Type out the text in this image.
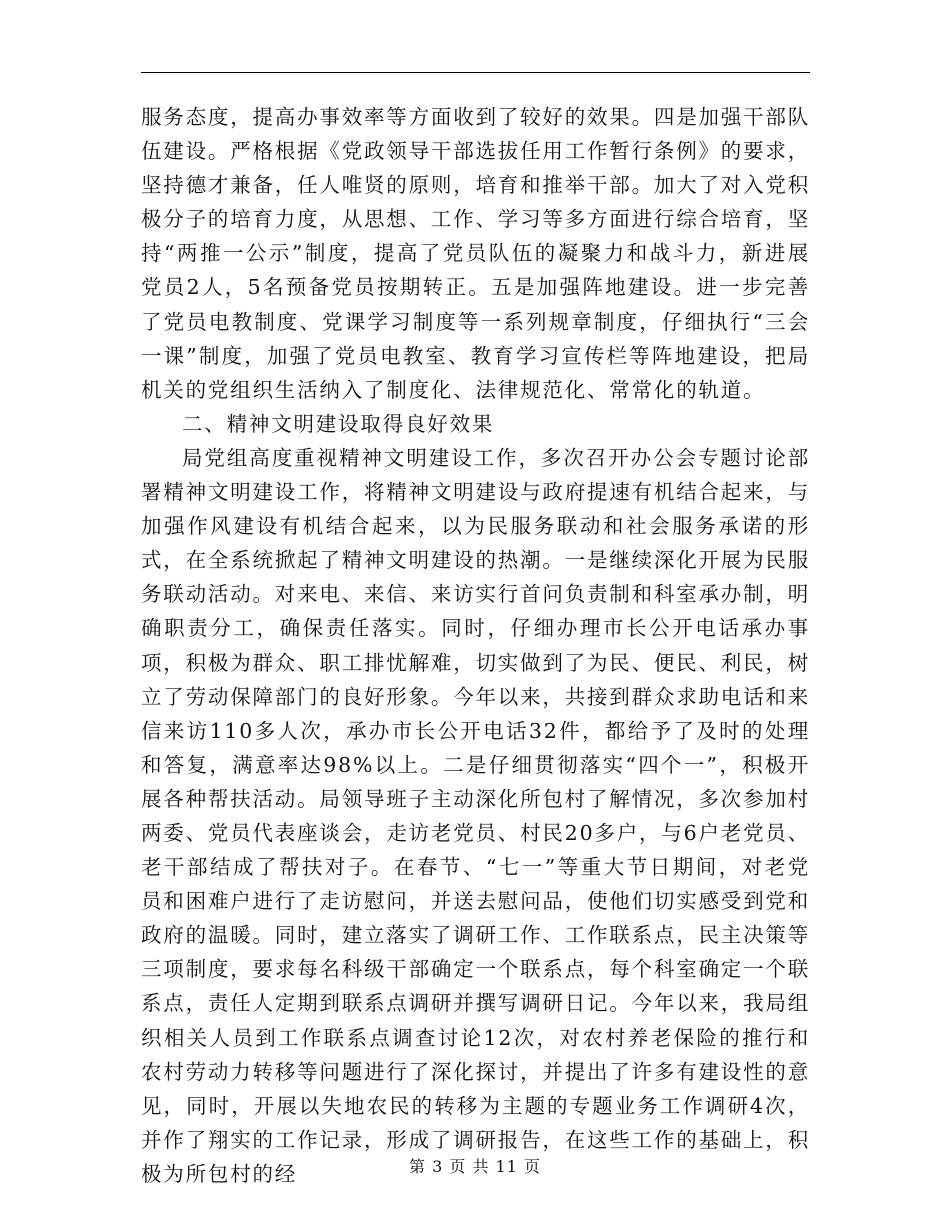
服务态度，提高办事效率等方面收到了较好的效果。四是加强干部队伍建设。严格根据《党政领导干部选拔任用工作暂行条例》的要求，坚持德才兼备，任人唯贤的原则，培育和推举干部。加大了对入党积极分子的培育力度，从思想、工作、学习等多方面进行综合培育，坚持“两推一公示”制度，提高了党员队伍的凝聚力和战斗力，新进展党员2人，5名预备党员按期转正。五是加强阵地建设。进一步完善了党员电教制度、党课学习制度等一系列规章制度，仔细执行“三会一课”制度，加强了党员电教室、教育学习宣传栏等阵地建设，把局机关的党组织生活纳入了制度化、法律规范化、常常化的轨道。

二、精神文明建设取得良好效果

局党组高度重视精神文明建设工作，多次召开办公会专题讨论部署精神文明建设工作，将精神文明建设与政府提速有机结合起来，与加强作风建设有机结合起来，以为民服务联动和社会服务承诺的形式，在全系统掀起了精神文明建设的热潮。一是继续深化开展为民服务联动活动。对来电、来信、来访实行首问负责制和科室承办制，明确职责分工，确保责任落实。同时，仔细办理市长公开电话承办事项，积极为群众、职工排忧解难，切实做到了为民、便民、利民，树立了劳动保障部门的良好形象。今年以来，共接到群众求助电话和来信来访110多人次，承办市长公开电话32件，都给予了及时的处理和答复，满意率达98%以上。二是仔细贯彻落实“四个一”，积极开展各种帮扶活动。局领导班子主动深化所包村了解情况，多次参加村两委、党员代表座谈会，走访老党员、村民20多户，与6户老党员、老干部结成了帮扶对子。在春节、“七一”等重大节日期间，对老党员和困难户进行了走访慰问，并送去慰问品，使他们切实感受到党和政府的温暖。同时，建立落实了调研工作、工作联系点，民主决策等三项制度，要求每名科级干部确定一个联系点，每个科室确定一个联系点，责任人定期到联系点调研并撰写调研日记。今年以来，我局组织相关人员到工作联系点调查讨论12次，对农村养老保险的推行和农村劳动力转移等问题进行了深化探讨，并提出了许多有建设性的意见，同时，开展以失地农民的转移为主题的专题业务工作调研4次，并作了翔实的工作记录，形成了调研报告，在这些工作的基础上，积极为所包村的经	第 3 页 共 11 页
